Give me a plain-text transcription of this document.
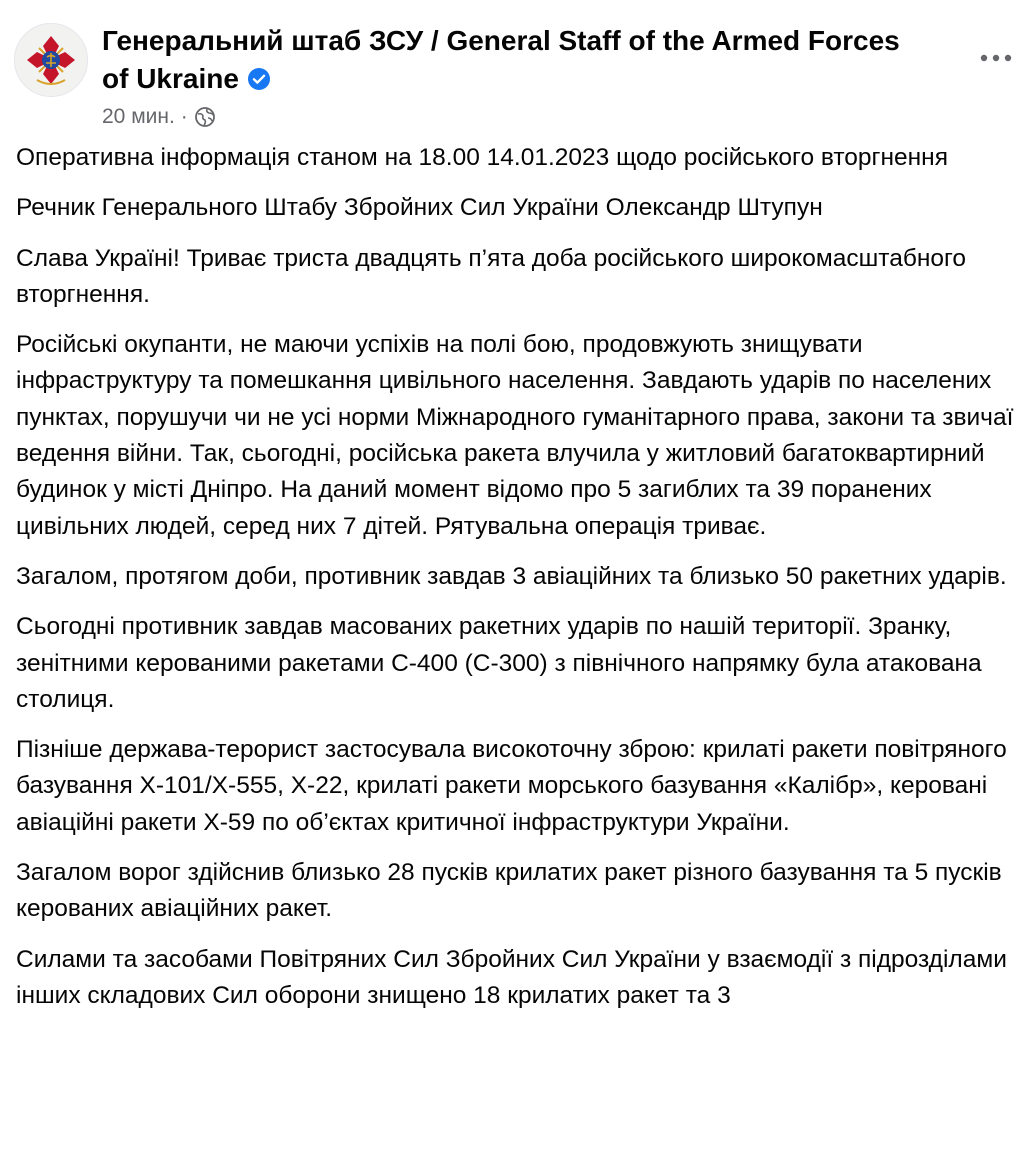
Генеральний штаб ЗСУ / General Staff of the Armed Forces of Ukraine
20 мин. ·

Оперативна інформація станом на 18.00 14.01.2023 щодо російського вторгнення

Речник Генерального Штабу Збройних Сил України Олександр Штупун

Слава Україні! Триває триста двадцять п’ята доба російського широкомасштабного вторгнення.

Російські окупанти, не маючи успіхів на полі бою, продовжують знищувати інфраструктуру та помешкання цивільного населення. Завдають ударів по населених пунктах, порушучи чи не усі норми Міжнародного гуманітарного права, закони та звичаї ведення війни. Так, сьогодні, російська ракета влучила у житловий багатоквартирний будинок у місті Дніпро. На даний момент відомо про 5 загиблих та 39 поранених цивільних людей, серед них 7 дітей. Рятувальна операція триває.

Загалом, протягом доби, противник завдав 3 авіаційних та близько 50 ракетних ударів.

Сьогодні противник завдав масованих ракетних ударів по нашій території. Зранку, зенітними керованими ракетами С-400 (С-300) з північного напрямку була атакована столиця.

Пізніше держава-терорист застосувала високоточну зброю: крилаті ракети повітряного базування Х-101/Х-555, Х-22, крилаті ракети морського базування «Калібр», керовані авіаційні ракети Х-59 по об’єктах критичної інфраструктури України.

Загалом ворог здійснив близько 28 пусків крилатих ракет різного базування та 5 пусків керованих авіаційних ракет.

Силами та засобами Повітряних Сил Збройних Сил України у взаємодії з підрозділами інших складових Сил оборони знищено 18 крилатих ракет та 3
